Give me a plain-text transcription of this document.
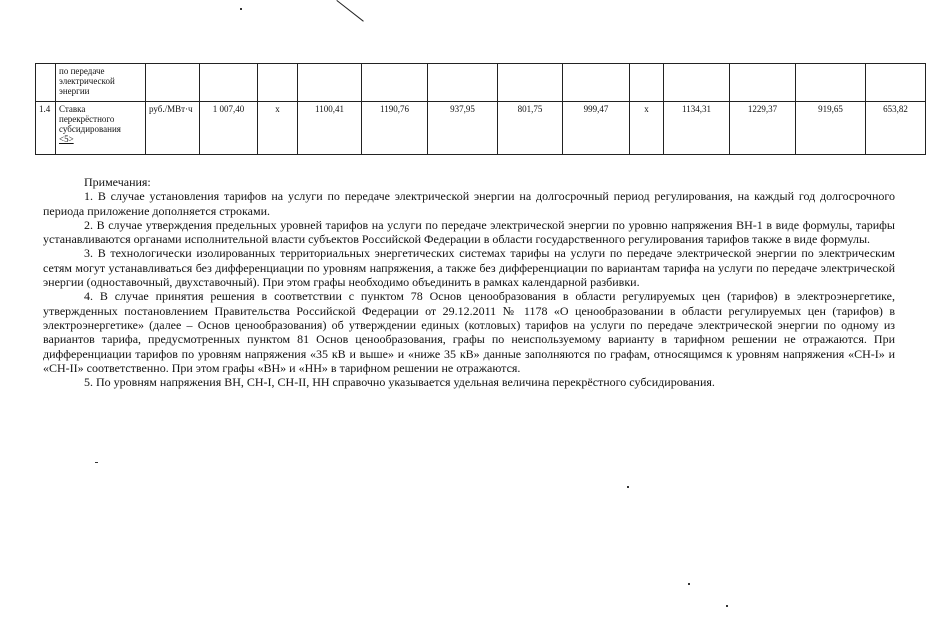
	по передаче
электрической
энергии													

1.4	Ставка
перекрёстного
субсидирования
<5>	руб./МВт·ч	1 007,40	x	1100,41	1190,76	937,95	801,75	999,47	x	1134,31	1229,37	919,65	653,82

Примечания:

1. В случае установления тарифов на услуги по передаче электрической энергии на долгосрочный период регулирования, на каждый год долгосрочного периода приложение дополняется строками.

2. В случае утверждения предельных уровней тарифов на услуги по передаче электрической энергии по уровню напряжения ВН-1 в виде формулы, тарифы устанавливаются органами исполнительной власти субъектов Российской Федерации в области государственного регулирования тарифов также в виде формулы.

3. В технологически изолированных территориальных энергетических системах тарифы на услуги по передаче электрической энергии по электрическим сетям могут устанавливаться без дифференциации по уровням напряжения, а также без дифференциации по вариантам тарифа на услуги по передаче электрической энергии (одноставочный, двухставочный). При этом графы необходимо объединить в рамках календарной разбивки.

4. В случае принятия решения в соответствии с пунктом 78 Основ ценообразования в области регулируемых цен (тарифов) в электроэнергетике, утвержденных постановлением Правительства Российской Федерации от 29.12.2011 № 1178 «О ценообразовании в области регулируемых цен (тарифов) в электроэнергетике» (далее – Основ ценообразования) об утверждении единых (котловых) тарифов на услуги по передаче электрической энергии по одному из вариантов тарифа, предусмотренных пунктом 81 Основ ценообразования, графы по неиспользуемому варианту в тарифном решении не отражаются. При дифференциации тарифов по уровням напряжения «35 кВ и выше» и «ниже 35 кВ» данные заполняются по графам, относящимся к уровням напряжения «СН-I» и «СН-II» соответственно. При этом графы «ВН» и «НН» в тарифном решении не отражаются.

5. По уровням напряжения ВН, СН-I, СН-II, НН справочно указывается удельная величина перекрёстного субсидирования.
